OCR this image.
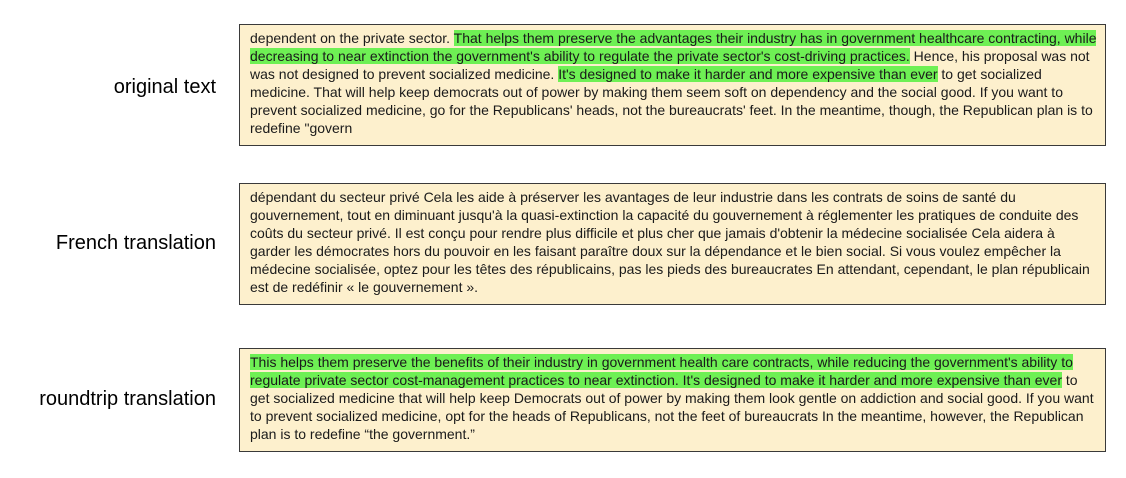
original text

dependent on the private sector. That helps them preserve the advantages their industry has in government healthcare contracting, while decreasing to near extinction the government's ability to regulate the private sector's cost-driving practices. Hence, his proposal was not was not designed to prevent socialized medicine. It's designed to make it harder and more expensive than ever to get socialized medicine. That will help keep democrats out of power by making them seem soft on dependency and the social good. If you want to prevent socialized medicine, go for the Republicans' heads, not the bureaucrats' feet. In the meantime, though, the Republican plan is to redefine "govern

French translation

dépendant du secteur privé Cela les aide à préserver les avantages de leur industrie dans les contrats de soins de santé du gouvernement, tout en diminuant jusqu'à la quasi-extinction la capacité du gouvernement à réglementer les pratiques de conduite des coûts du secteur privé. Il est conçu pour rendre plus difficile et plus cher que jamais d'obtenir la médecine socialisée Cela aidera à garder les démocrates hors du pouvoir en les faisant paraître doux sur la dépendance et le bien social. Si vous voulez empêcher la médecine socialisée, optez pour les têtes des républicains, pas les pieds des bureaucrates En attendant, cependant, le plan républicain est de redéfinir « le gouvernement ».

roundtrip translation

This helps them preserve the benefits of their industry in government health care contracts, while reducing the government's ability to regulate private sector cost-management practices to near extinction. It's designed to make it harder and more expensive than ever to get socialized medicine that will help keep Democrats out of power by making them look gentle on addiction and social good. If you want to prevent socialized medicine, opt for the heads of Republicans, not the feet of bureaucrats In the meantime, however, the Republican plan is to redefine “the government.”
